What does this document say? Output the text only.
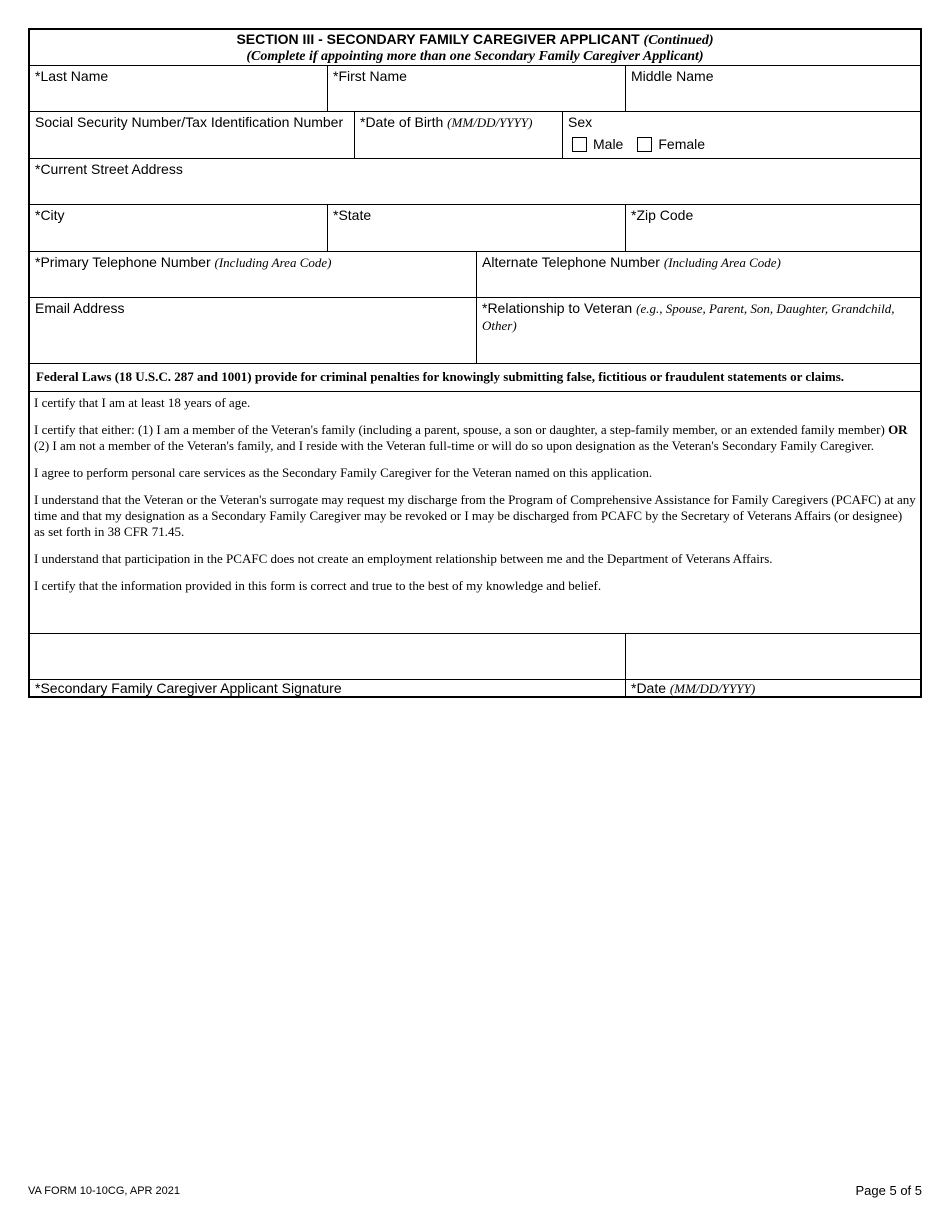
SECTION III - SECONDARY FAMILY CAREGIVER APPLICANT (Continued)
(Complete if appointing more than one Secondary Family Caregiver Applicant)
*Last Name	*First Name	Middle Name
Social Security Number/Tax Identification Number	*Date of Birth (MM/DD/YYYY)	Sex
Male	Female
*Current Street Address
*City	*State	*Zip Code
*Primary Telephone Number (Including Area Code)	Alternate Telephone Number (Including Area Code)
Email Address	*Relationship to Veteran (e.g., Spouse, Parent, Son, Daughter, Grandchild, Other)
Federal Laws (18 U.S.C. 287 and 1001) provide for criminal penalties for knowingly submitting false, fictitious or fraudulent statements or claims.

I certify that I am at least 18 years of age.

I certify that either: (1) I am a member of the Veteran's family (including a parent, spouse, a son or daughter, a step-family member, or an extended family member) OR (2) I am not a member of the Veteran's family, and I reside with the Veteran full-time or will do so upon designation as the Veteran's Secondary Family Caregiver.

I agree to perform personal care services as the Secondary Family Caregiver for the Veteran named on this application.

I understand that the Veteran or the Veteran's surrogate may request my discharge from the Program of Comprehensive Assistance for Family Caregivers (PCAFC) at any time and that my designation as a Secondary Family Caregiver may be revoked or I may be discharged from PCAFC by the Secretary of Veterans Affairs (or designee) as set forth in 38 CFR 71.45.

I understand that participation in the PCAFC does not create an employment relationship between me and the Department of Veterans Affairs.

I certify that the information provided in this form is correct and true to the best of my knowledge and belief.

*Secondary Family Caregiver Applicant Signature	*Date (MM/DD/YYYY)
VA FORM 10-10CG, APR 2021	Page 5 of 5
